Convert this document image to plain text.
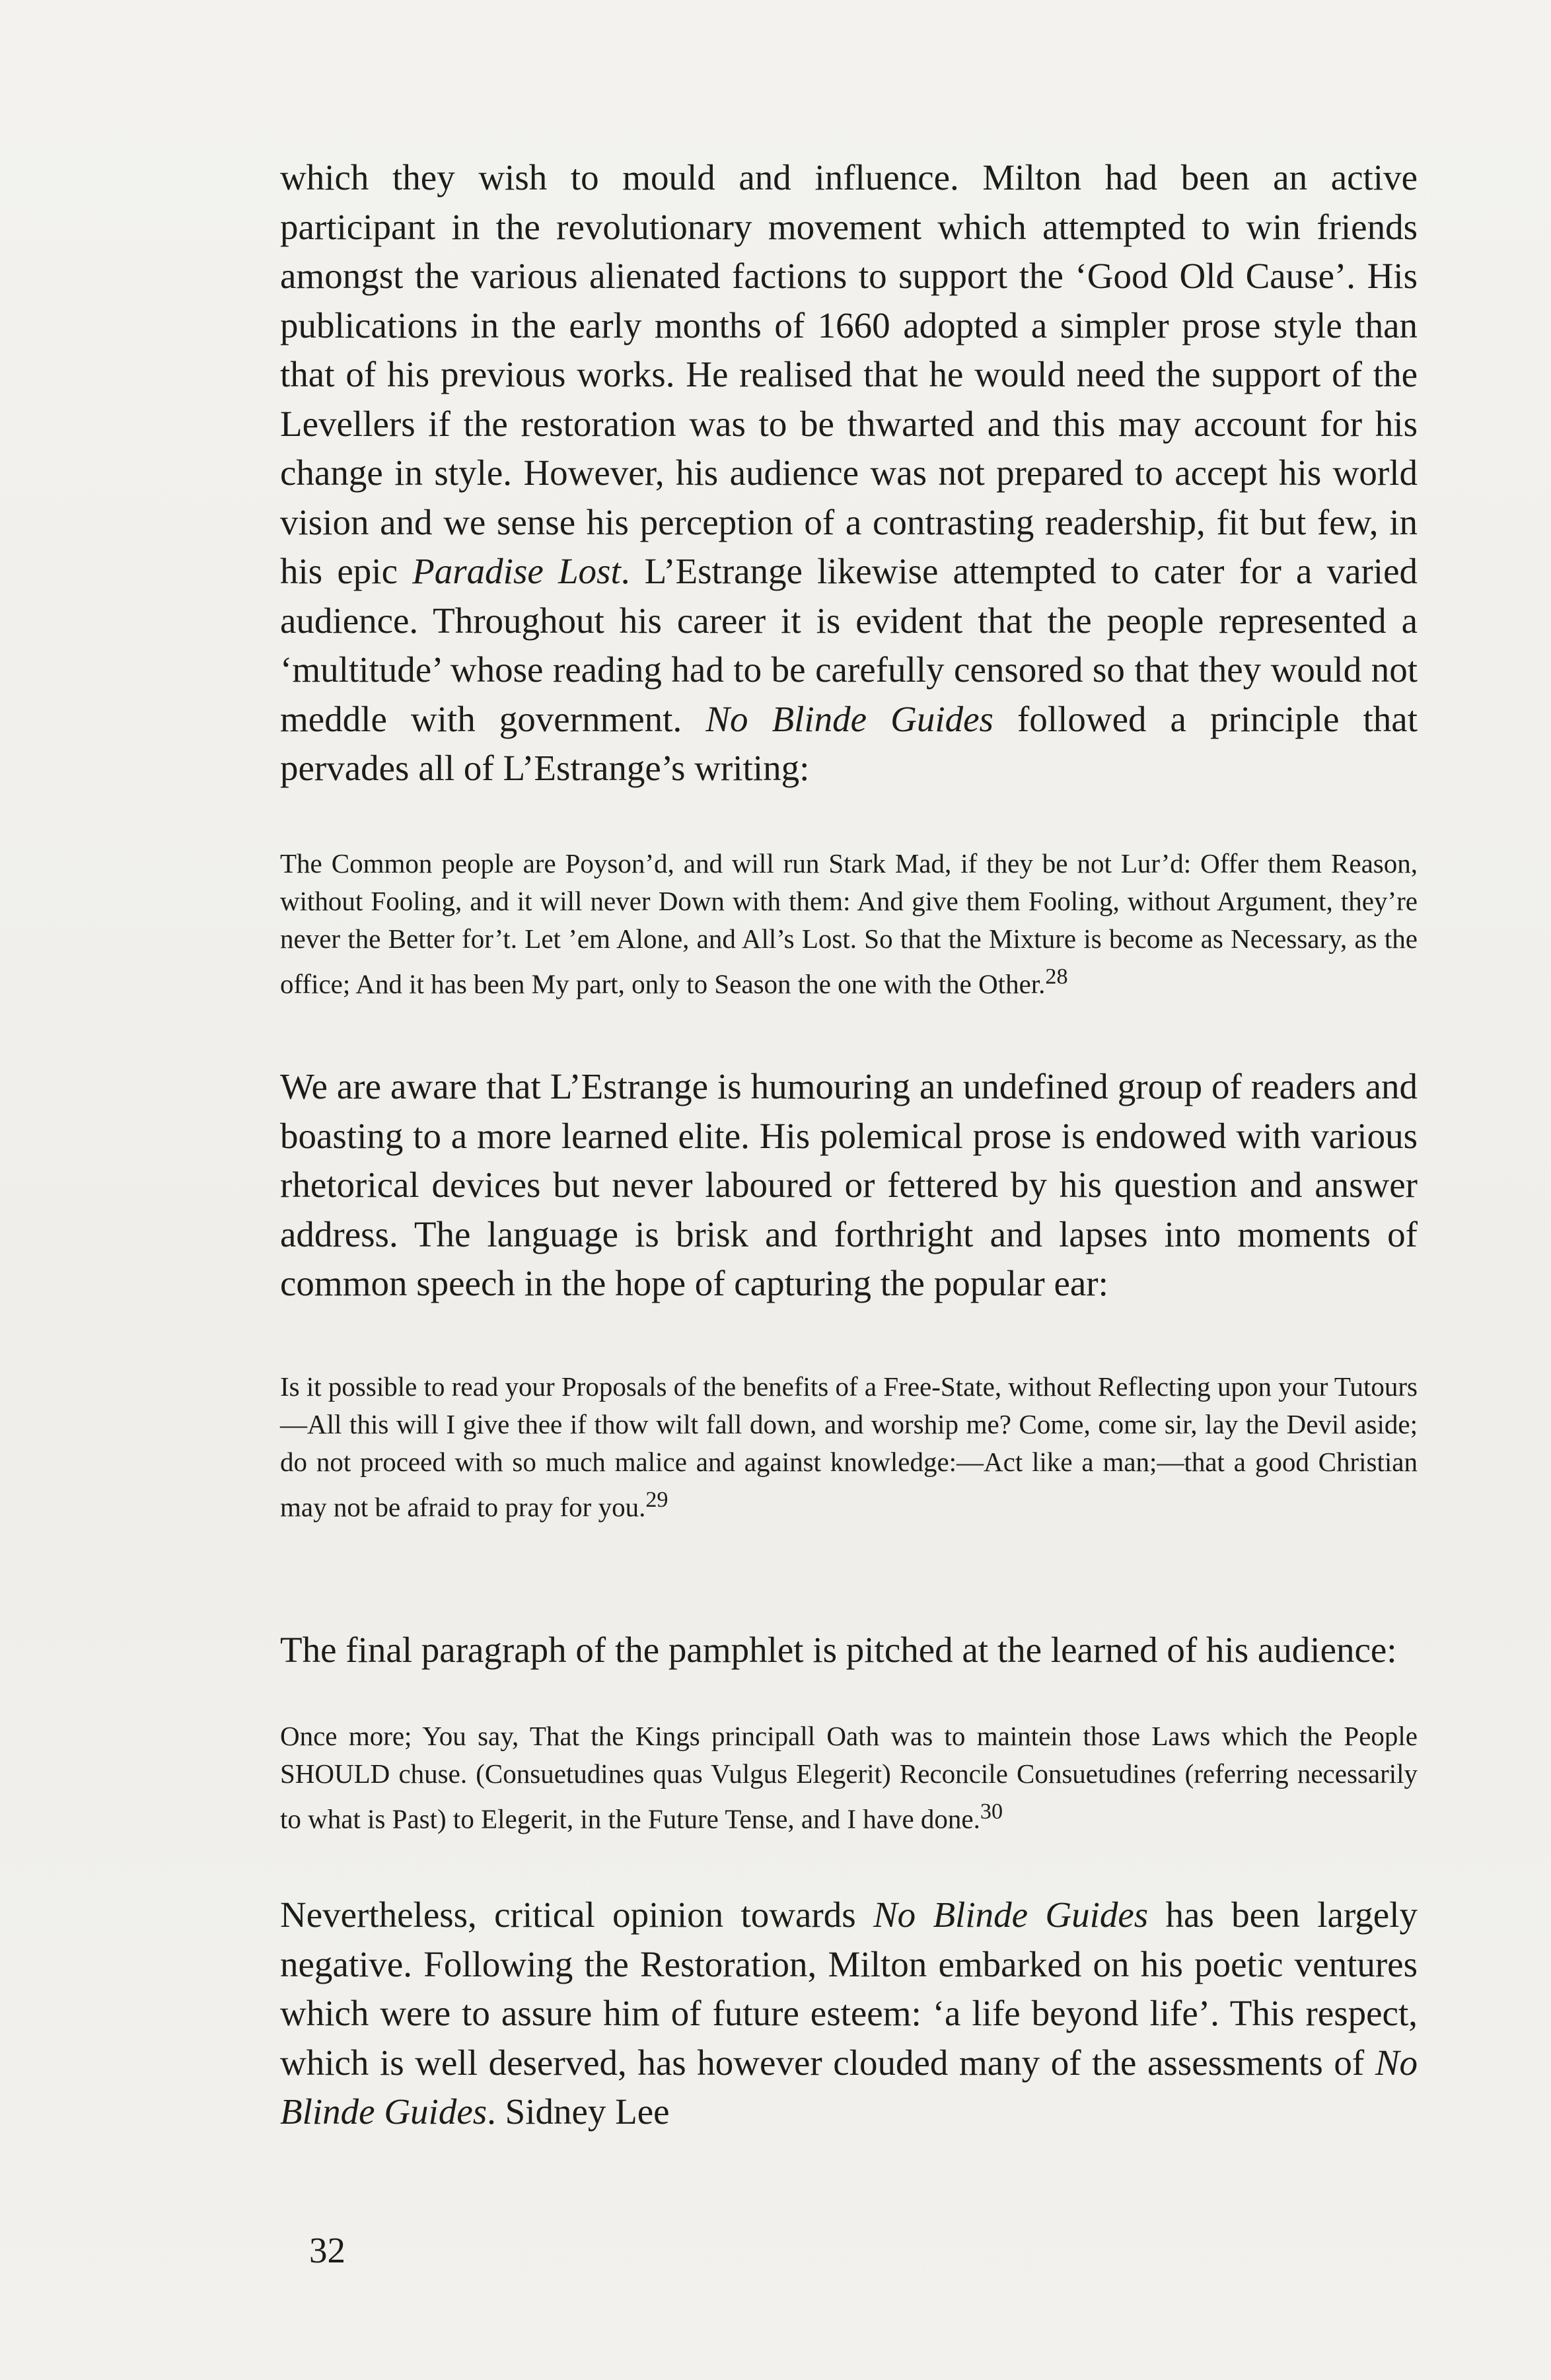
which they wish to mould and influence. Milton had been an active participant in the revolutionary movement which attempted to win friends amongst the various alienated factions to support the ‘Good Old Cause’. His publications in the early months of 1660 adopted a simpler prose style than that of his previous works. He realised that he would need the support of the Levellers if the restoration was to be thwarted and this may account for his change in style. However, his audience was not prepared to accept his world vision and we sense his perception of a contrasting readership, fit but few, in his epic Paradise Lost. L’Estrange likewise attempted to cater for a varied audience. Throughout his career it is evident that the people represented a ‘multitude’ whose reading had to be carefully censored so that they would not meddle with government. No Blinde Guides followed a principle that pervades all of L’Estrange’s writing:

The Common people are Poyson’d, and will run Stark Mad, if they be not Lur’d: Offer them Reason, without Fooling, and it will never Down with them: And give them Fooling, without Argument, they’re never the Better for’t. Let ’em Alone, and All’s Lost. So that the Mixture is become as Necessary, as the office; And it has been My part, only to Season the one with the Other.$^{28}$

We are aware that L’Estrange is humouring an undefined group of readers and boasting to a more learned elite. His polemical prose is endowed with various rhetorical devices but never laboured or fettered by his question and answer address. The language is brisk and forthright and lapses into moments of common speech in the hope of capturing the popular ear:

Is it possible to read your Proposals of the benefits of a Free-State, without Reflecting upon your Tutours—All this will I give thee if thow wilt fall down, and worship me? Come, come sir, lay the Devil aside; do not proceed with so much malice and against knowledge:—Act like a man;—that a good Christian may not be afraid to pray for you.$^{29}$

The final paragraph of the pamphlet is pitched at the learned of his audience:

Once more; You say, That the Kings principall Oath was to maintein those Laws which the People SHOULD chuse. (Consuetudines quas Vulgus Elegerit) Reconcile Consuetudines (referring necessarily to what is Past) to Elegerit, in the Future Tense, and I have done.$^{30}$

Nevertheless, critical opinion towards No Blinde Guides has been largely negative. Following the Restoration, Milton embarked on his poetic ventures which were to assure him of future esteem: ‘a life beyond life’. This respect, which is well deserved, has however clouded many of the assessments of No Blinde Guides. Sidney Lee

32
